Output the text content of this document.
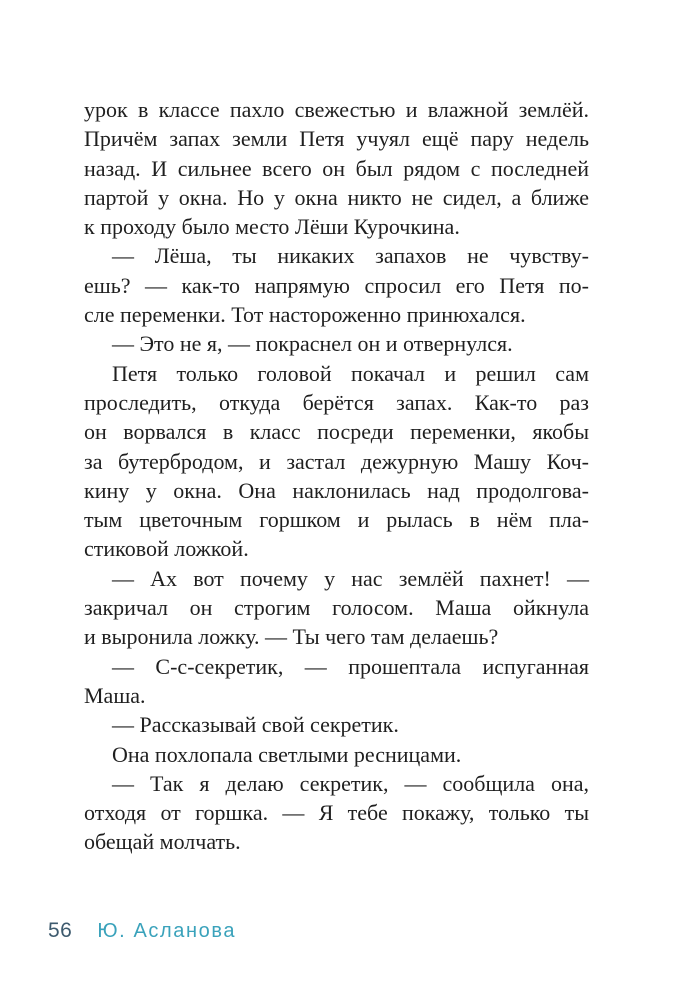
урок в классе пахло свежестью и влажной землёй.
Причём запах земли Петя учуял ещё пару недель
назад. И сильнее всего он был рядом с последней
партой у окна. Но у окна никто не сидел, а ближе
к проходу было место Лёши Курочкина.

— Лёша, ты никаких запахов не чувству-
ешь? — как-то напрямую спросил его Петя по-
сле переменки. Тот настороженно принюхался.

— Это не я, — покраснел он и отвернулся.

Петя только головой покачал и решил сам
проследить, откуда берётся запах. Как-то раз
он ворвался в класс посреди переменки, якобы
за бутербродом, и застал дежурную Машу Коч-
кину у окна. Она наклонилась над продолгова-
тым цветочным горшком и рылась в нём пла-
стиковой ложкой.

— Ах вот почему у нас землёй пахнет! —
закричал он строгим голосом. Маша ойкнула
и выронила ложку. — Ты чего там делаешь?

— С-с-секретик, — прошептала испуганная
Маша.

— Рассказывай свой секретик.

Она похлопала светлыми ресницами.

— Так я делаю секретик, — сообщила она,
отходя от горшка. — Я тебе покажу, только ты
обещай молчать.

56 Ю. Асланова
